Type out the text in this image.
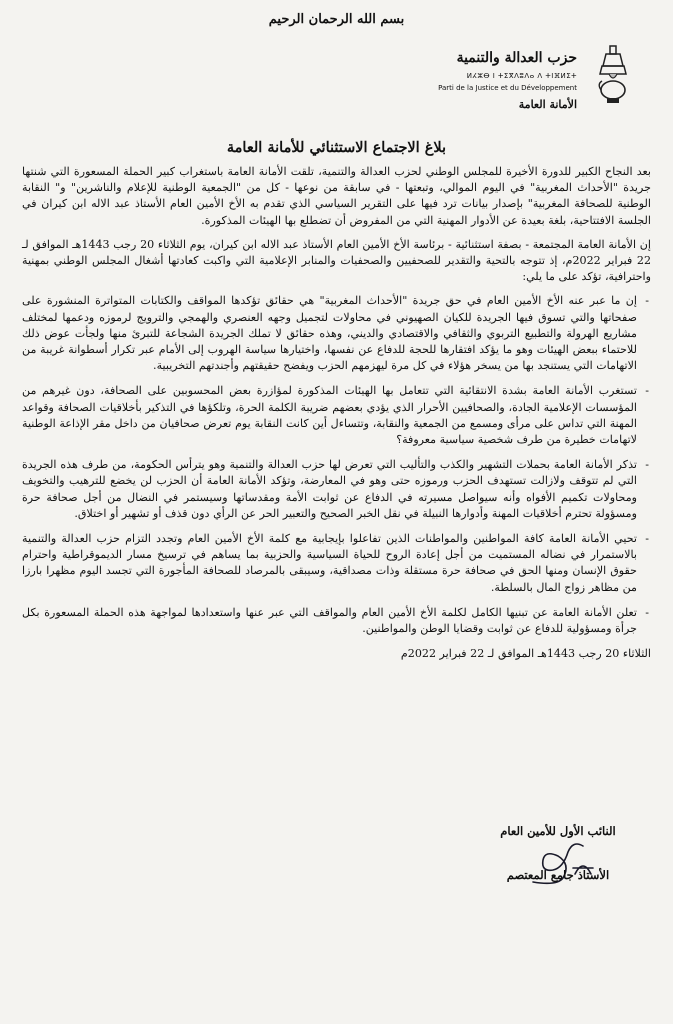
بسم الله الرحمان الرحيم
حزب العدالة والتنمية
ⵍⵃⵣⴱ ⵏ ⵜⵉⴳⴷⵓⴷⴰ ⴷ ⵜⵏⴼⵍⵉⵜ
Parti de la Justice et du Développement
الأمانة العامة
بلاغ الاجتماع الاستثنائي للأمانة العامة

بعد النجاح الكبير للدورة الأخيرة للمجلس الوطني لحزب العدالة والتنمية، تلقت الأمانة العامة باستغراب كبير الحملة المسعورة التي شنتها جريدة "الأحداث المغربية" في اليوم الموالي، وتبعتها - في سابقة من نوعها - كل من "الجمعية الوطنية للإعلام والناشرين" و" النقابة الوطنية للصحافة المغربية" بإصدار بيانات ترد فيها على التقرير السياسي الذي تقدم به الأخ الأمين العام الأستاذ عبد الاله ابن كيران في الجلسة الافتتاحية، بلغة بعيدة عن الأدوار المهنية التي من المفروض أن تضطلع بها الهيئات المذكورة.

إن الأمانة العامة المجتمعة - بصفة استثنائية - برئاسة الأخ الأمين العام الأستاذ عبد الاله ابن كيران، يوم الثلاثاء 20 رجب 1443هـ الموافق لـ 22 فبراير 2022م، إذ تتوجه بالتحية والتقدير للصحفيين والصحفيات والمنابر الإعلامية التي واكبت كعادتها أشغال المجلس الوطني بمهنية واحترافية، تؤكد على ما يلي:

- إن ما عبر عنه الأخ الأمين العام في حق جريدة "الأحداث المغربية" هي حقائق تؤكدها المواقف والكتابات المتواترة المنشورة على صفحاتها والتي تسوق فيها الجريدة للكيان الصهيوني في محاولات لتجميل وجهه العنصري والهمجي والترويج لرموزه ودعمها لمختلف مشاريع الهرولة والتطبيع التربوي والثقافي والاقتصادي والديني، وهذه حقائق لا تملك الجريدة الشجاعة للتبرئ منها ولجأت عوض ذلك للاحتماء ببعض الهيئات وهو ما يؤكد افتقارها للحجة للدفاع عن نفسها، واختيارها سياسة الهروب إلى الأمام عبر تكرار أسطوانة غريبة من الاتهامات التي يستنجد بها من يسخر هؤلاء في كل مرة ليهزمهم الحزب ويفضح حقيقتهم وأجندتهم التخريبية.
- تستغرب الأمانة العامة بشدة الانتقائية التي تتعامل بها الهيئات المذكورة لمؤازرة بعض المحسوبين على الصحافة، دون غيرهم من المؤسسات الإعلامية الجادة، والصحافيين الأحرار الذي يؤدي بعضهم ضريبة الكلمة الحرة، وتلكؤها في التذكير بأخلاقيات الصحافة وقواعد المهنة التي تداس على مرأى ومسمع من الجمعية والنقابة، وتتساءل أين كانت النقابة يوم تعرض صحافيان من داخل مقر الإذاعة الوطنية لاتهامات خطيرة من طرف شخصية سياسية معروفة؟
- تذكر الأمانة العامة بحملات التشهير والكذب والتأليب التي تعرض لها حزب العدالة والتنمية وهو يترأس الحكومة، من طرف هذه الجريدة التي لم تتوقف ولازالت تستهدف الحزب ورموزه حتى وهو في المعارضة، وتؤكد الأمانة العامة أن الحزب لن يخضع للترهيب والتخويف ومحاولات تكميم الأفواه وأنه سيواصل مسيرته في الدفاع عن ثوابت الأمة ومقدساتها وسيستمر في النضال من أجل صحافة حرة ومسؤولة تحترم أخلاقيات المهنة وأدوارها النبيلة في نقل الخبر الصحيح والتعبير الحر عن الرأي دون قذف أو تشهير أو اختلاق.
- تحيي الأمانة العامة كافة المواطنين والمواطنات الذين تفاعلوا بإيجابية مع كلمة الأخ الأمين العام وتجدد التزام حزب العدالة والتنمية بالاستمرار في نضاله المستميت من أجل إعادة الروح للحياة السياسية والحزبية بما يساهم في ترسيخ مسار الديموقراطية واحترام حقوق الإنسان ومنها الحق في صحافة حرة مستقلة وذات مصداقية، وسيبقى بالمرصاد للصحافة المأجورة التي تجسد اليوم مظهرا بارزا من مظاهر زواج المال بالسلطة.
- تعلن الأمانة العامة عن تبنيها الكامل لكلمة الأخ الأمين العام والمواقف التي عبر عنها واستعدادها لمواجهة هذه الحملة المسعورة بكل جرأة ومسؤولية للدفاع عن ثوابت وقضايا الوطن والمواطنين.

الثلاثاء 20 رجب 1443هـ الموافق لـ 22 فبراير 2022م

النائب الأول للأمين العام
الأستاذ جامع المعتصم
